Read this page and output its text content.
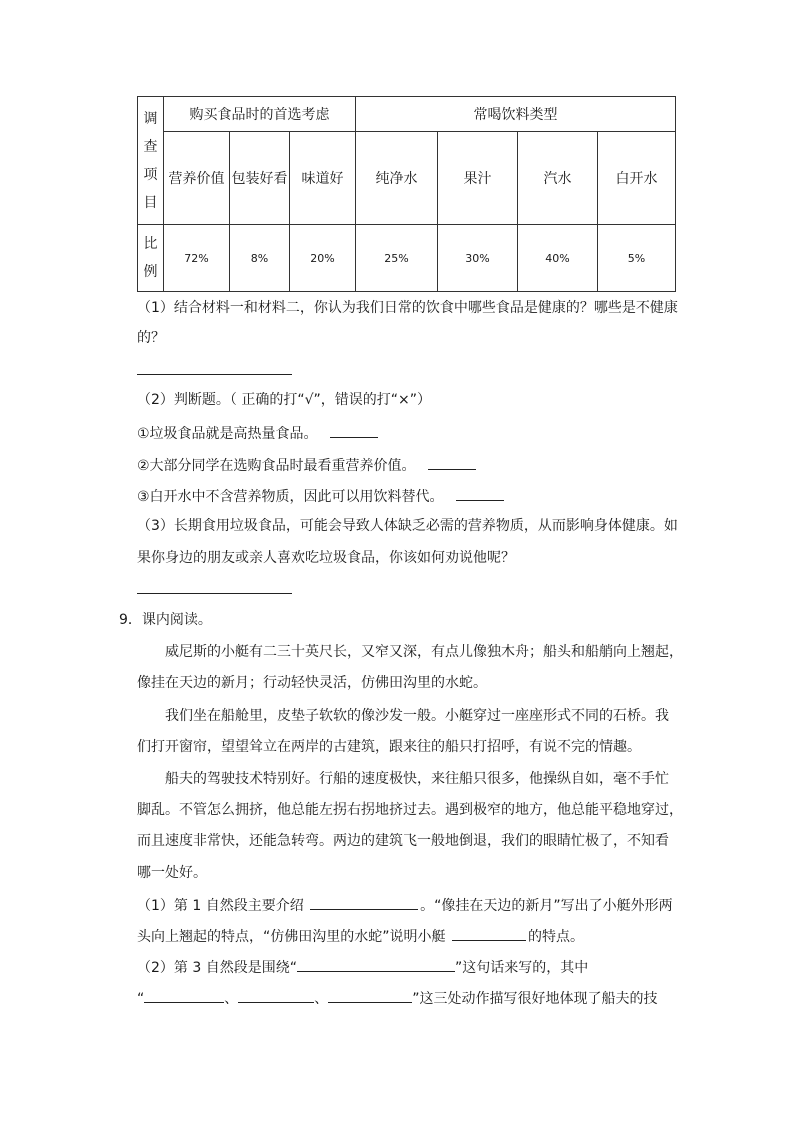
调
查
项
目	购买食品时的首选考虑			常喝饮料类型			
	营养价值	包装好看	味道好	纯净水	果汁	汽水	白开水

比
例	72%	8%	20%	25%	30%	40%	5%
（1）结合材料一和材料二，你认为我们日常的饮食中哪些食品是健康的？哪些是不健康
的？
（2）判断题。（ 正确的打“√”，错误的打“×”）
①垃圾食品就是高热量食品。
②大部分同学在选购食品时最看重营养价值。
③白开水中不含营养物质，因此可以用饮料替代。
（3）长期食用垃圾食品，可能会导致人体缺乏必需的营养物质，从而影响身体健康。如
果你身边的朋友或亲人喜欢吃垃圾食品，你该如何劝说他呢？
9．课内阅读。
威尼斯的小艇有二三十英尺长，又窄又深，有点儿像独木舟；船头和船艄向上翘起，
像挂在天边的新月；行动轻快灵活，仿佛田沟里的水蛇。
我们坐在船舱里，皮垫子软软的像沙发一般。小艇穿过一座座形式不同的石桥。我
们打开窗帘，望望耸立在两岸的古建筑，跟来往的船只打招呼，有说不完的情趣。
船夫的驾驶技术特别好。行船的速度极快，来往船只很多，他操纵自如，毫不手忙
脚乱。不管怎么拥挤，他总能左拐右拐地挤过去。遇到极窄的地方，他总能平稳地穿过，
而且速度非常快，还能急转弯。两边的建筑飞一般地倒退，我们的眼睛忙极了，不知看
哪一处好。
（1）第 1 自然段主要介绍	。“像挂在天边的新月”写出了小艇外形两
头向上翘起的特点，“仿佛田沟里的水蛇”说明小艇	的特点。
（2）第 3 自然段是围绕“	”这句话来写的，其中
“	、	、	”这三处动作描写很好地体现了船夫的技
